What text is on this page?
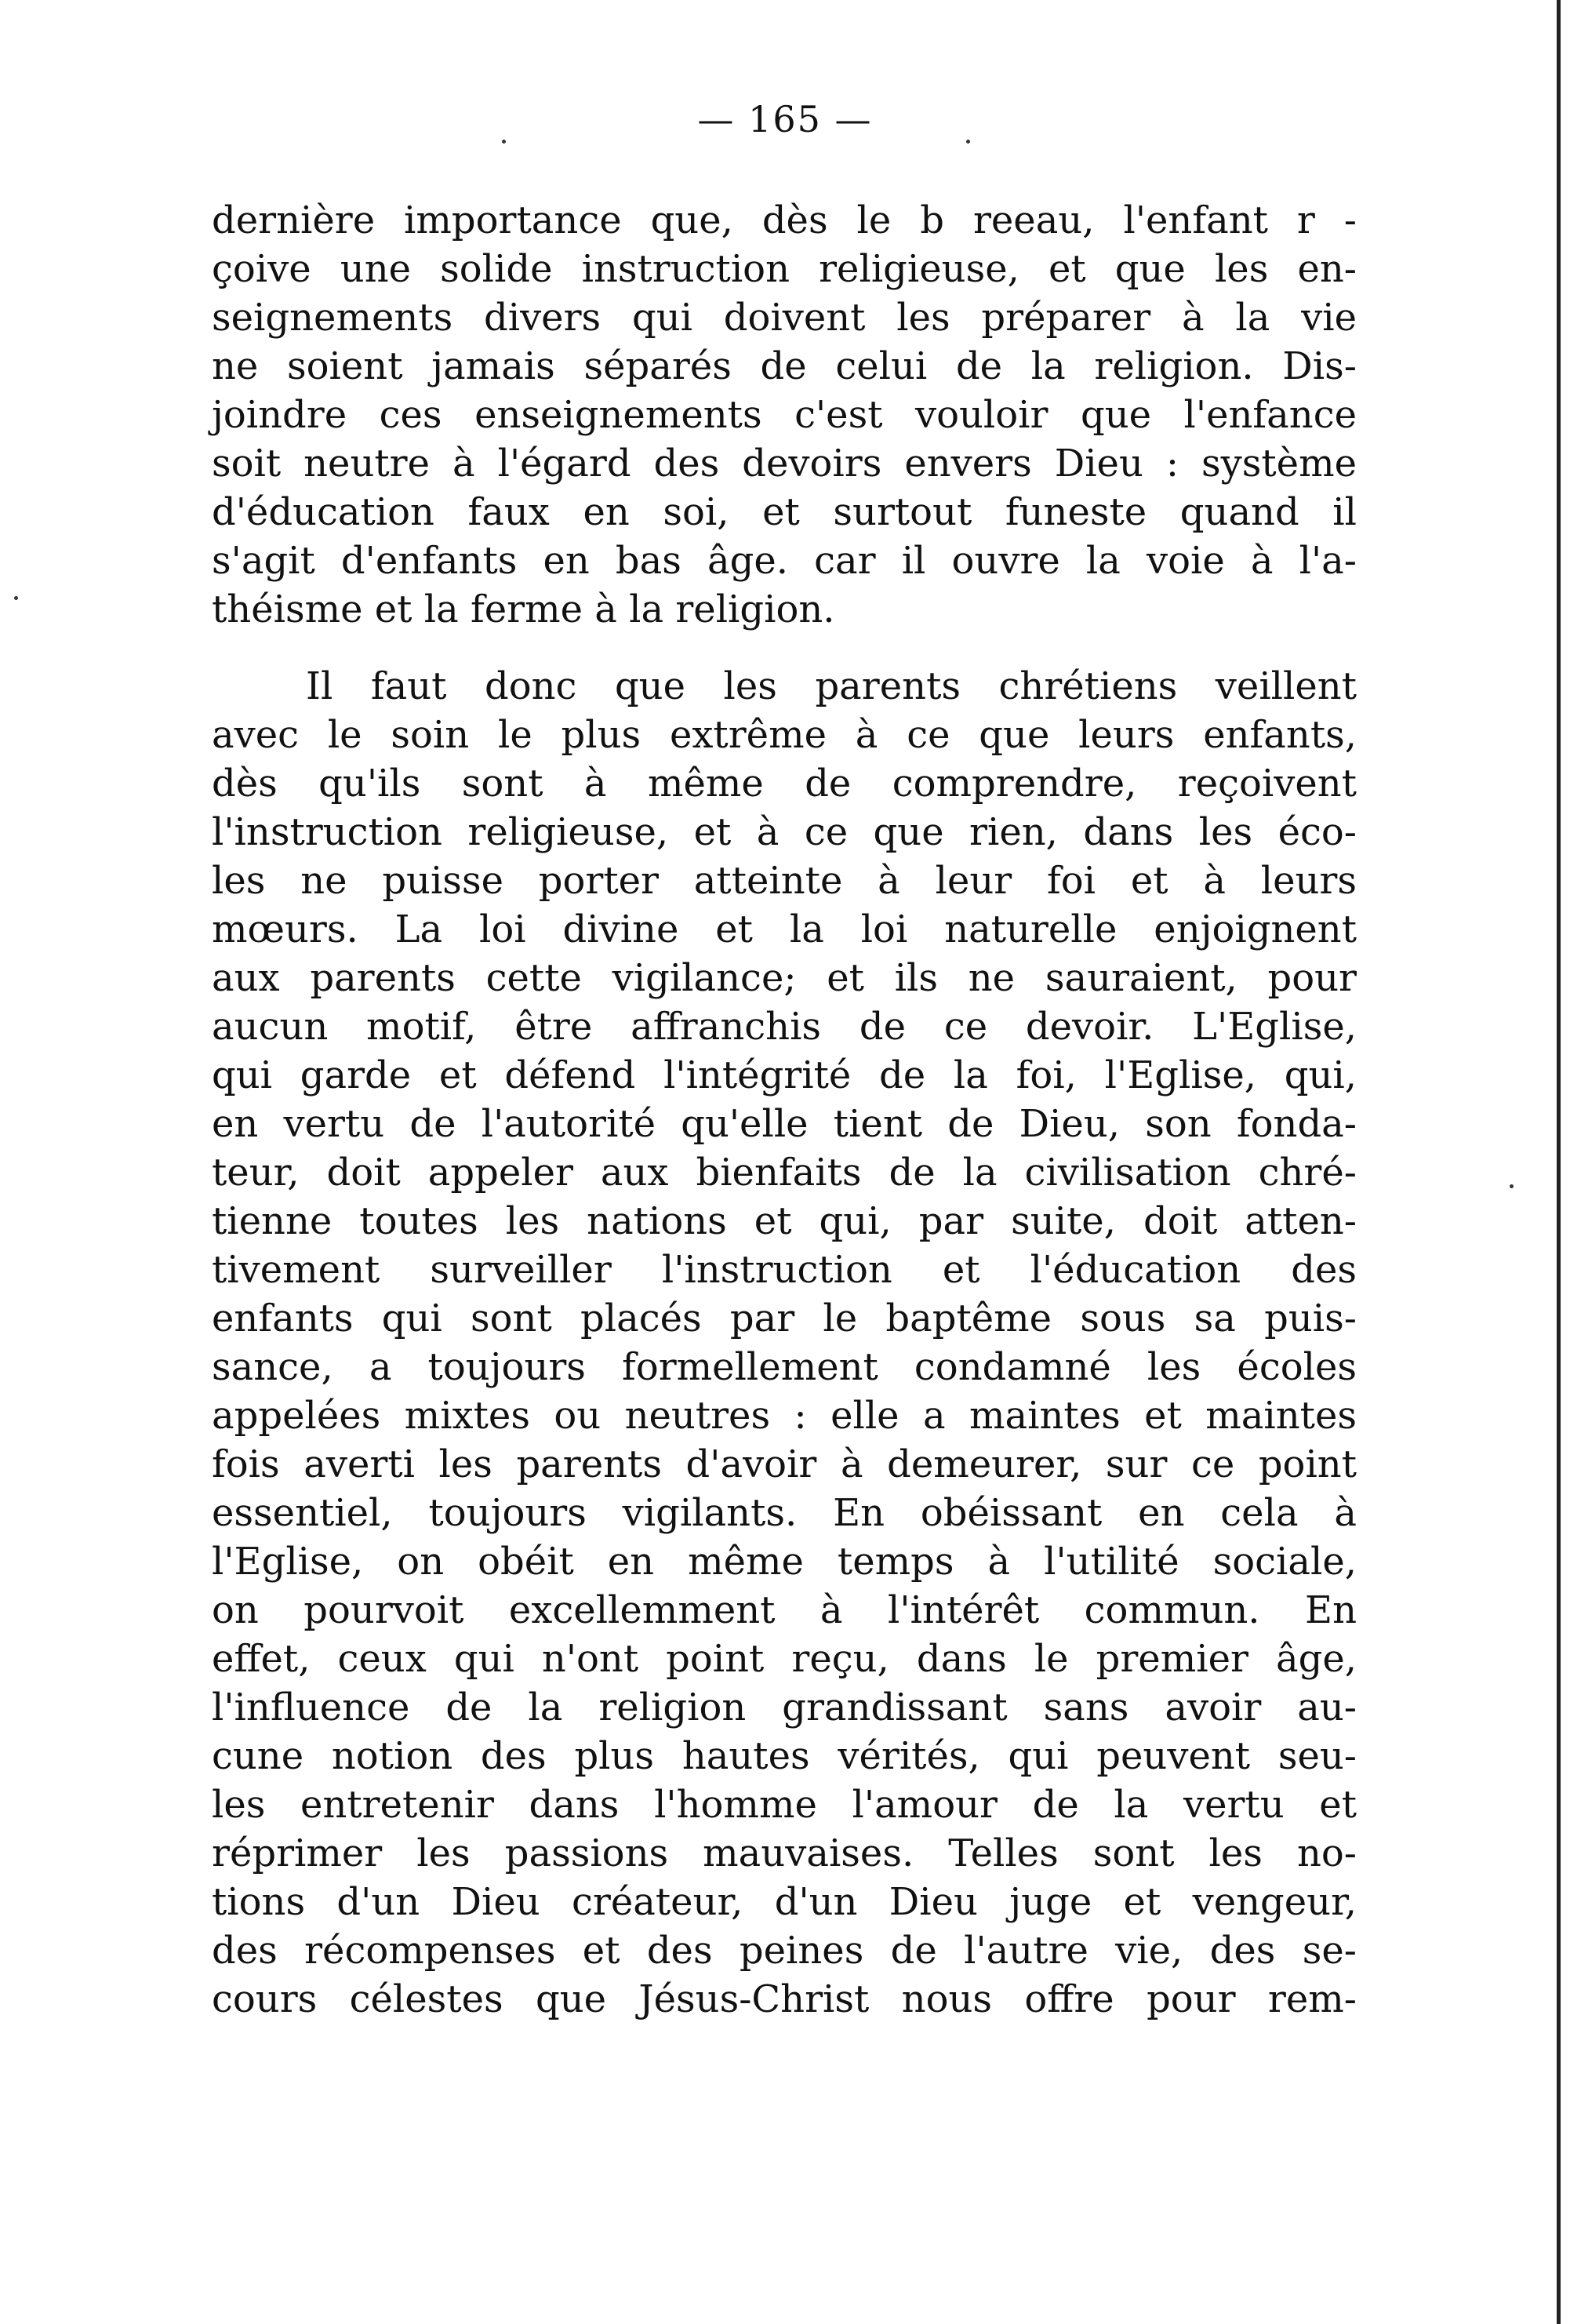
— 165 —
dernière importance que, dès le b reeau, l'enfant r -
çoive une solide instruction religieuse, et que les en-
seignements divers qui doivent les préparer à la vie
ne soient jamais séparés de celui de la religion. Dis-
joindre ces enseignements c'est vouloir que l'enfance
soit neutre à l'égard des devoirs envers Dieu : système
d'éducation faux en soi, et surtout funeste quand il
s'agit d'enfants en bas âge. car il ouvre la voie à l'a-
théisme et la ferme à la religion.
Il faut donc que les parents chrétiens veillent
avec le soin le plus extrême à ce que leurs enfants,
dès qu'ils sont à même de comprendre, reçoivent
l'instruction religieuse, et à ce que rien, dans les éco-
les ne puisse porter atteinte à leur foi et à leurs
mœurs. La loi divine et la loi naturelle enjoignent
aux parents cette vigilance; et ils ne sauraient, pour
aucun motif, être affranchis de ce devoir. L'Eglise,
qui garde et défend l'intégrité de la foi, l'Eglise, qui,
en vertu de l'autorité qu'elle tient de Dieu, son fonda-
teur, doit appeler aux bienfaits de la civilisation chré-
tienne toutes les nations et qui, par suite, doit atten-
tivement surveiller l'instruction et l'éducation des
enfants qui sont placés par le baptême sous sa puis-
sance, a toujours formellement condamné les écoles
appelées mixtes ou neutres : elle a maintes et maintes
fois averti les parents d'avoir à demeurer, sur ce point
essentiel, toujours vigilants. En obéissant en cela à
l'Eglise, on obéit en même temps à l'utilité sociale,
on pourvoit excellemment à l'intérêt commun. En
effet, ceux qui n'ont point reçu, dans le premier âge,
l'influence de la religion grandissant sans avoir au-
cune notion des plus hautes vérités, qui peuvent seu-
les entretenir dans l'homme l'amour de la vertu et
réprimer les passions mauvaises. Telles sont les no-
tions d'un Dieu créateur, d'un Dieu juge et vengeur,
des récompenses et des peines de l'autre vie, des se-
cours célestes que Jésus-Christ nous offre pour rem-
